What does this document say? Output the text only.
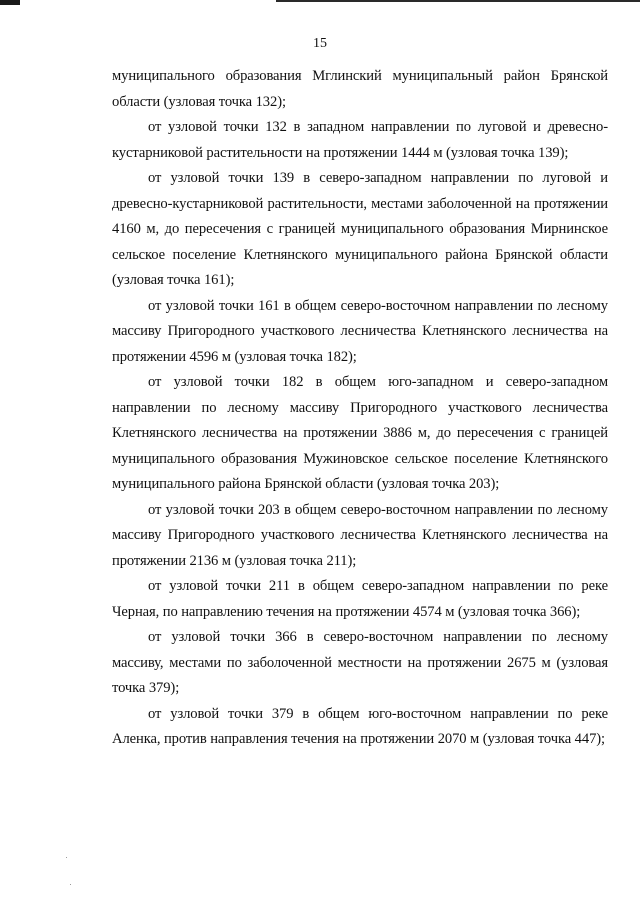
15

муниципального образования Мглинский муниципальный район Брянской области (узловая точка 132);

от узловой точки 132 в западном направлении по луговой и древесно-кустарниковой растительности на протяжении 1444 м (узловая точка 139);

от узловой точки 139 в северо-западном направлении по луговой и древесно-кустарниковой растительности, местами заболоченной на протяжении 4160 м, до пересечения с границей муниципального образования Мирнинское сельское поселение Клетнянского муниципального района Брянской области (узловая точка 161);

от узловой точки 161 в общем северо-восточном направлении по лесному массиву Пригородного участкового лесничества Клетнянского лесничества на протяжении 4596 м (узловая точка 182);

от узловой точки 182 в общем юго-западном и северо-западном направлении по лесному массиву Пригородного участкового лесничества Клетнянского лесничества на протяжении 3886 м, до пересечения с границей муниципального образования Мужиновское сельское поселение Клетнянского муниципального района Брянской области (узловая точка 203);

от узловой точки 203 в общем северо-восточном направлении по лесному массиву Пригородного участкового лесничества Клетнянского лесничества на протяжении 2136 м (узловая точка 211);

от узловой точки 211 в общем северо-западном направлении по реке Черная, по направлению течения на протяжении 4574 м (узловая точка 366);

от узловой точки 366 в северо-восточном направлении по лесному массиву, местами по заболоченной местности на протяжении 2675 м (узловая точка 379);

от узловой точки 379 в общем юго-восточном направлении по реке Аленка, против направления течения на протяжении 2070 м (узловая точка 447);
